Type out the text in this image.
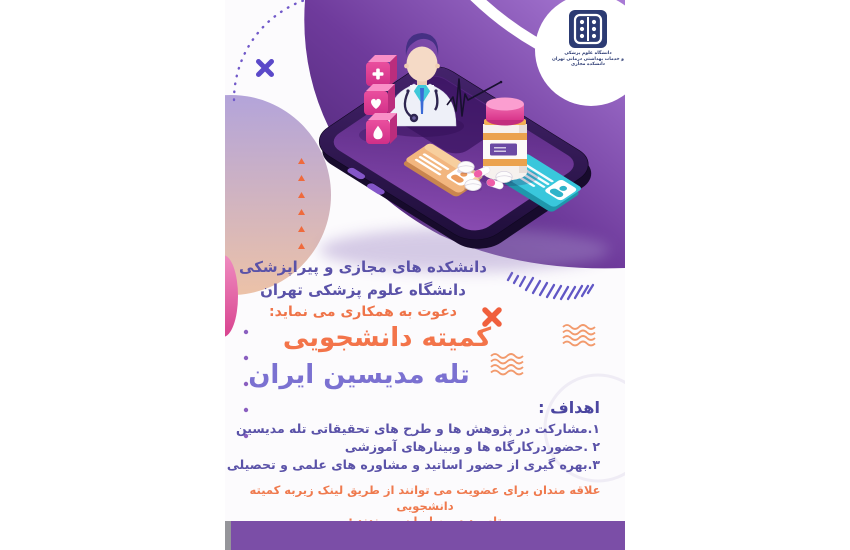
دانشگاه علوم پزشکی
و خدمات بهداشتی درمانی تهران
دانشکده مجازی
دانشکده های مجازی و پیراپزشکی
دانشگاه علوم پزشکی تهران
دعوت به همکاری می نماید:
کمیته دانشجویی
تله مدیسین ایران
اهداف :
۱.مشارکت در پژوهش ها و طرح های تحقیقاتی تله مدیسین
۲ .حضوردرکارگاه ها و وبینارهای آموزشی
۳.بهره گیری از حضور اساتید و مشاوره های علمی و تحصیلی
علاقه مندان برای عضویت می توانند از طریق لینک زیربه کمیته دانشجویی
